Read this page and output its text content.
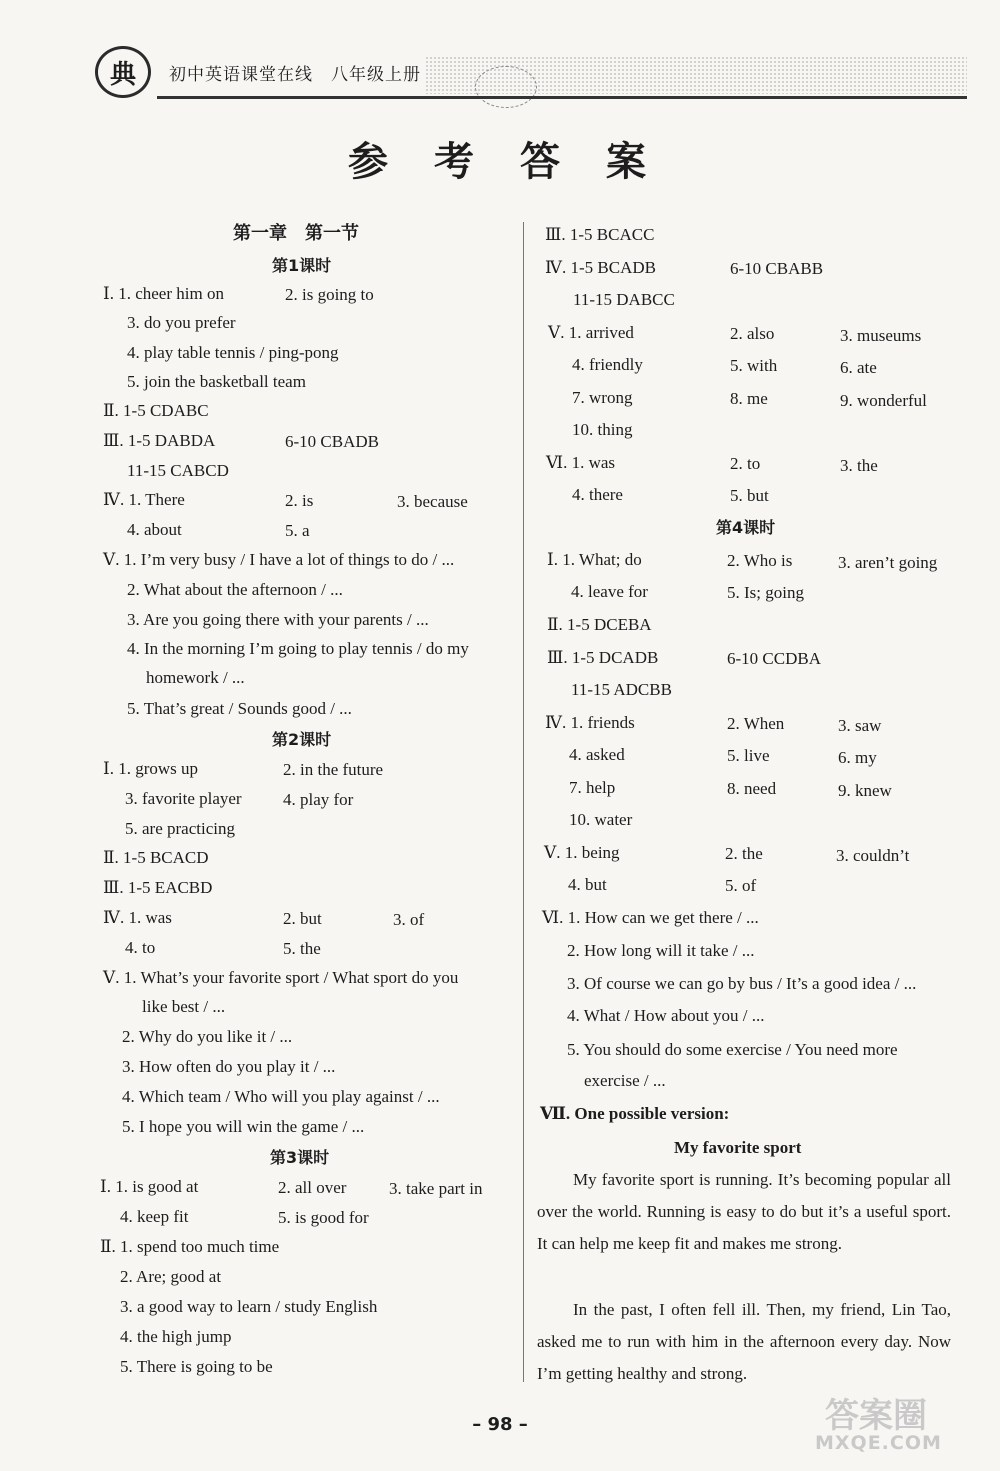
典	初中英语课堂在线　八年级上册
参考答案
第一章　第一节
第1课时
Ⅰ. 1. cheer him on	2. is going to
3. do you prefer
4. play table tennis / ping-pong
5. join the basketball team
Ⅱ. 1-5 CDABC
Ⅲ. 1-5 DABDA	6-10 CBADB
11-15 CABCD
Ⅳ. 1. There	2. is	3. because
4. about	5. a
Ⅴ. 1. I’m very busy / I have a lot of things to do / ...
2. What about the afternoon / ...
3. Are you going there with your parents / ...
4. In the morning I’m going to play tennis / do my
homework / ...
5. That’s great / Sounds good / ...
第2课时
Ⅰ. 1. grows up	2. in the future
3. favorite player 4. play for
5. are practicing
Ⅱ. 1-5 BCACD
Ⅲ. 1-5 EACBD
Ⅳ. 1. was	2. but	3. of
4. to	5. the
Ⅴ. 1. What’s your favorite sport / What sport do you
like best / ...
2. Why do you like it / ...
3. How often do you play it / ...
4. Which team / Who will you play against / ...
5. I hope you will win the game / ...
第3课时
Ⅰ. 1. is good at	2. all over	3. take part in
4. keep fit	5. is good for
Ⅱ. 1. spend too much time
2. Are; good at
3. a good way to learn / study English
4. the high jump
5. There is going to be
Ⅲ. 1-5 BCACC
Ⅳ. 1-5 BCADB	6-10 CBABB
11-15 DABCC
Ⅴ. 1. arrived	2. also	3. museums
4. friendly	5. with	6. ate
7. wrong	8. me	9. wonderful
10. thing
Ⅵ. 1. was	2. to	3. the
4. there	5. but
第4课时
Ⅰ. 1. What; do	2. Who is	3. aren’t going
4. leave for	5. Is; going
Ⅱ. 1-5 DCEBA
Ⅲ. 1-5 DCADB	6-10 CCDBA
11-15 ADCBB
Ⅳ. 1. friends	2. When	3. saw
4. asked	5. live	6. my
7. help	8. need	9. knew
10. water
Ⅴ. 1. being	2. the	3. couldn’t
4. but	5. of
Ⅵ. 1. How can we get there / ...
2. How long will it take / ...
3. Of course we can go by bus / It’s a good idea / ...
4. What / How about you / ...
5. You should do some exercise / You need more
exercise / ...
Ⅶ. One possible version:
My favorite sport
My favorite sport is running. It’s becoming popular all over the world. Running is easy to do but it’s a useful sport. It can help me keep fit and makes me strong.
In the past, I often fell ill. Then, my friend, Lin Tao, asked me to run with him in the afternoon every day. Now I’m getting healthy and strong.
– 98 –	答案圈
MXQE.COM
